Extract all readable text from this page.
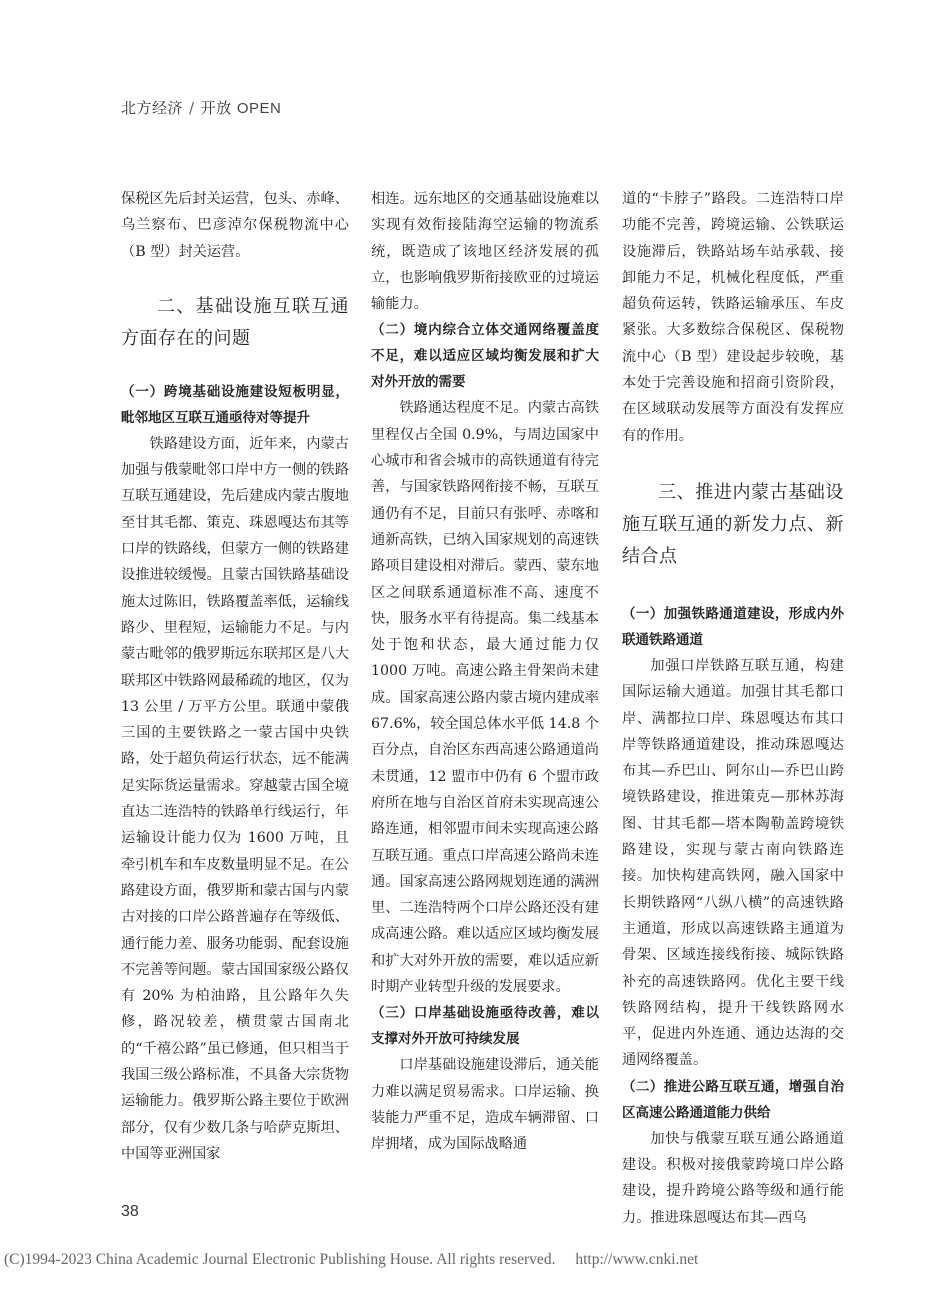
北方经济 / 开放 OPEN

保税区先后封关运营，包头、赤峰、乌兰察布、巴彦淖尔保税物流中心（B 型）封关运营。

二、基础设施互联互通方面存在的问题
（一）跨境基础设施建设短板明显，毗邻地区互联互通亟待对等提升

铁路建设方面，近年来，内蒙古加强与俄蒙毗邻口岸中方一侧的铁路互联互通建设，先后建成内蒙古腹地至甘其毛都、策克、珠恩嘎达布其等口岸的铁路线，但蒙方一侧的铁路建设推进较缓慢。且蒙古国铁路基础设施太过陈旧，铁路覆盖率低，运输线路少、里程短，运输能力不足。与内蒙古毗邻的俄罗斯远东联邦区是八大联邦区中铁路网最稀疏的地区，仅为 13 公里 / 万平方公里。联通中蒙俄三国的主要铁路之一蒙古国中央铁路，处于超负荷运行状态，远不能满足实际货运量需求。穿越蒙古国全境直达二连浩特的铁路单行线运行，年运输设计能力仅为 1600 万吨，且牵引机车和车皮数量明显不足。在公路建设方面，俄罗斯和蒙古国与内蒙古对接的口岸公路普遍存在等级低、通行能力差、服务功能弱、配套设施不完善等问题。蒙古国国家级公路仅有 20% 为柏油路，且公路年久失修，路况较差，横贯蒙古国南北的“千禧公路”虽已修通，但只相当于我国三级公路标准，不具备大宗货物运输能力。俄罗斯公路主要位于欧洲部分，仅有少数几条与哈萨克斯坦、中国等亚洲国家

相连。远东地区的交通基础设施难以实现有效衔接陆海空运输的物流系统，既造成了该地区经济发展的孤立，也影响俄罗斯衔接欧亚的过境运输能力。

（二）境内综合立体交通网络覆盖度不足，难以适应区域均衡发展和扩大对外开放的需要

铁路通达程度不足。内蒙古高铁里程仅占全国 0.9%，与周边国家中心城市和省会城市的高铁通道有待完善，与国家铁路网衔接不畅，互联互通仍有不足，目前只有张呼、赤喀和通新高铁，已纳入国家规划的高速铁路项目建设相对滞后。蒙西、蒙东地区之间联系通道标准不高、速度不快，服务水平有待提高。集二线基本处于饱和状态，最大通过能力仅 1000 万吨。高速公路主骨架尚未建成。国家高速公路内蒙古境内建成率 67.6%，较全国总体水平低 14.8 个百分点，自治区东西高速公路通道尚未贯通，12 盟市中仍有 6 个盟市政府所在地与自治区首府未实现高速公路连通，相邻盟市间未实现高速公路互联互通。重点口岸高速公路尚未连通。国家高速公路网规划连通的满洲里、二连浩特两个口岸公路还没有建成高速公路。难以适应区域均衡发展和扩大对外开放的需要，难以适应新时期产业转型升级的发展要求。

（三）口岸基础设施亟待改善，难以支撑对外开放可持续发展

口岸基础设施建设滞后，通关能力难以满足贸易需求。口岸运输、换装能力严重不足，造成车辆滞留、口岸拥堵，成为国际战略通

道的“卡脖子”路段。二连浩特口岸功能不完善，跨境运输、公铁联运设施滞后，铁路站场车站承载、接卸能力不足，机械化程度低，严重超负荷运转，铁路运输承压、车皮紧张。大多数综合保税区、保税物流中心（B 型）建设起步较晚，基本处于完善设施和招商引资阶段，在区域联动发展等方面没有发挥应有的作用。

三、推进内蒙古基础设施互联互通的新发力点、新结合点
（一）加强铁路通道建设，形成内外联通铁路通道

加强口岸铁路互联互通，构建国际运输大通道。加强甘其毛都口岸、满都拉口岸、珠恩嘎达布其口岸等铁路通道建设，推动珠恩嘎达布其—乔巴山、阿尔山—乔巴山跨境铁路建设，推进策克—那林苏海图、甘其毛都—塔本陶勒盖跨境铁路建设，实现与蒙古南向铁路连接。加快构建高铁网，融入国家中长期铁路网“八纵八横”的高速铁路主通道，形成以高速铁路主通道为骨架、区域连接线衔接、城际铁路补充的高速铁路网。优化主要干线铁路网结构，提升干线铁路网水平，促进内外连通、通边达海的交通网络覆盖。

（二）推进公路互联互通，增强自治区高速公路通道能力供给

加快与俄蒙互联互通公路通道建设。积极对接俄蒙跨境口岸公路建设，提升跨境公路等级和通行能力。推进珠恩嘎达布其—西乌

38
(C)1994-2023 China Academic Journal Electronic Publishing House. All rights reserved. http://www.cnki.net
